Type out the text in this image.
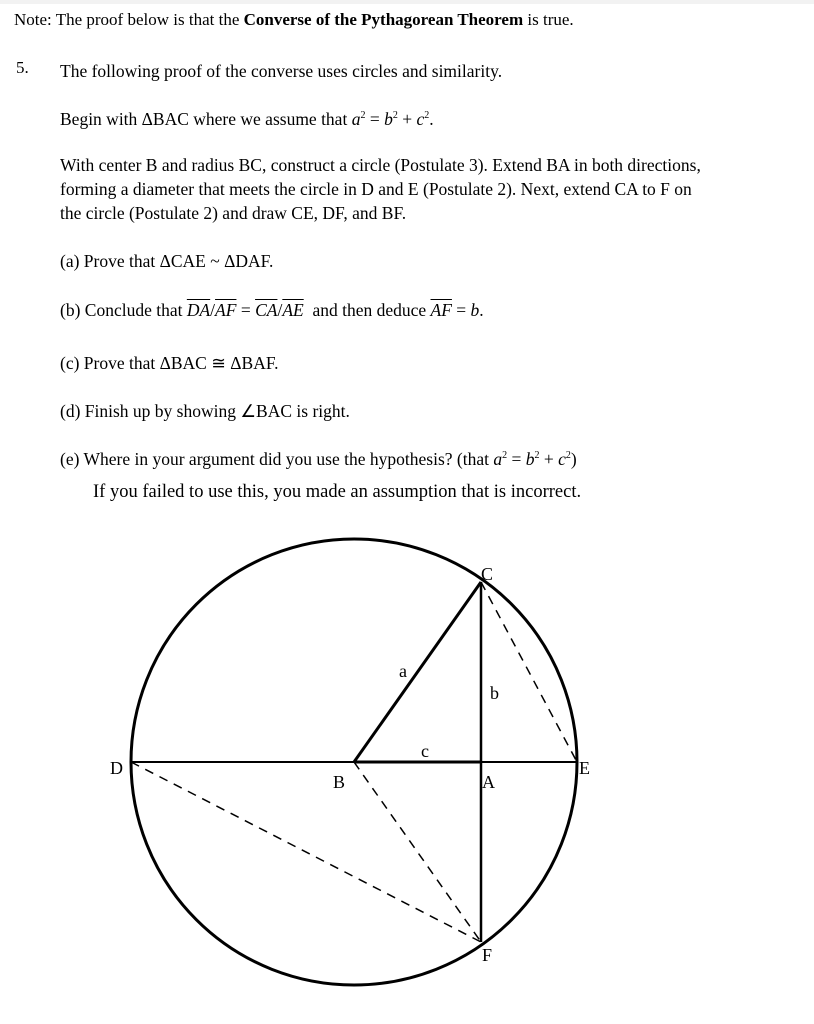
Note: The proof below is that the Converse of the Pythagorean Theorem is true.
5. The following proof of the converse uses circles and similarity.
Begin with ΔBAC where we assume that $a^2 = b^2 + c^2$.
With center B and radius BC, construct a circle (Postulate 3). Extend BA in both directions,
forming a diameter that meets the circle in D and E (Postulate 2). Next, extend CA to F on
the circle (Postulate 2) and draw CE, DF, and BF.
(a) Prove that ΔCAE ~ ΔDAF.
(b) Conclude that $\overline{DA}/\overline{AF} = \overline{CA}/\overline{AE}$ and then deduce $\overline{AF} = b$.
(c) Prove that ΔBAC ≅ ΔBAF.
(d) Finish up by showing ∠BAC is right.
(e) Where in your argument did you use the hypothesis? (that $a^2 = b^2 + c^2$)
If you failed to use this, you made an assumption that is incorrect.
C
D	E
B	A
F
a
b
c
